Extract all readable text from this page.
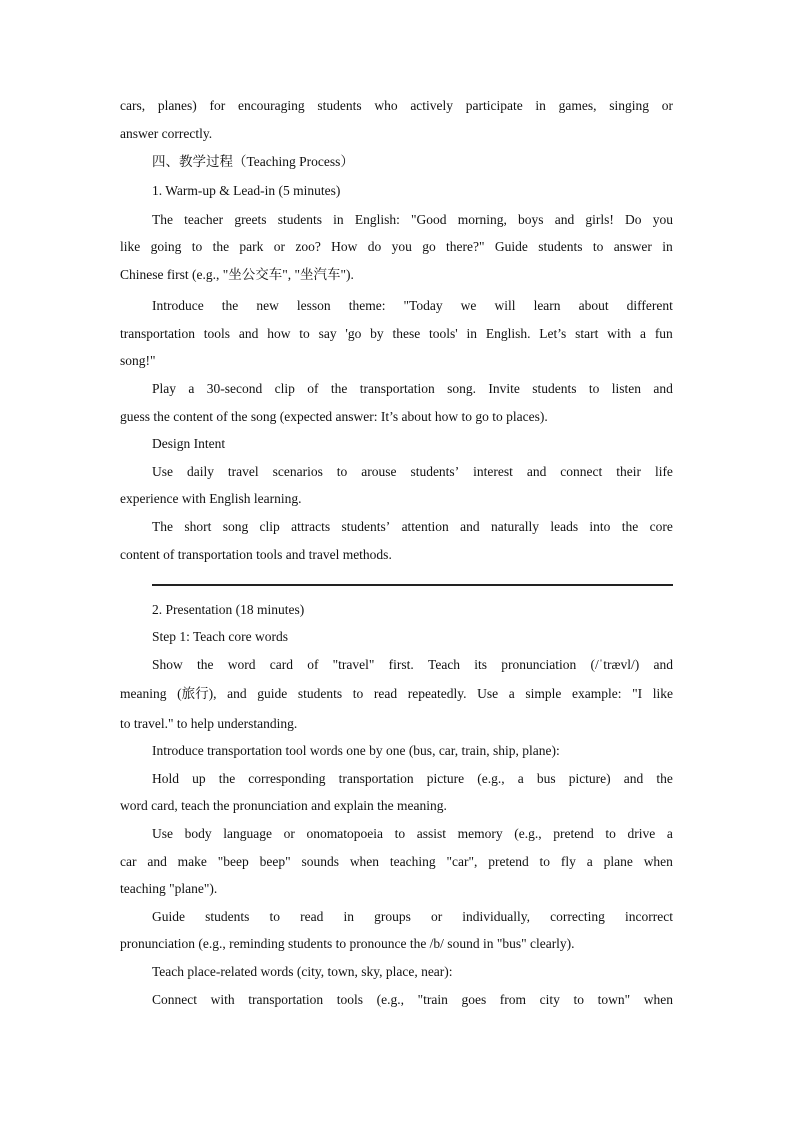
cars, planes) for encouraging students who actively participate in games, singing or
answer correctly.
四、教学过程（Teaching Process）
1. Warm-up & Lead-in (5 minutes)
The teacher greets students in English: "Good morning, boys and girls! Do you
like going to the park or zoo? How do you go there?" Guide students to answer in
Chinese first (e.g., "坐公交车", "坐汽车").
Introduce the new lesson theme: "Today we will learn about different
transportation tools and how to say 'go by these tools' in English. Let’s start with a fun
song!"
Play a 30-second clip of the transportation song. Invite students to listen and
guess the content of the song (expected answer: It’s about how to go to places).
Design Intent
Use daily travel scenarios to arouse students’ interest and connect their life
experience with English learning.
The short song clip attracts students’ attention and naturally leads into the core
content of transportation tools and travel methods.
2. Presentation (18 minutes)
Step 1: Teach core words
Show the word card of "travel" first. Teach its pronunciation (/ˈtrævl/) and
meaning (旅行), and guide students to read repeatedly. Use a simple example: "I like
to travel." to help understanding.
Introduce transportation tool words one by one (bus, car, train, ship, plane):
Hold up the corresponding transportation picture (e.g., a bus picture) and the
word card, teach the pronunciation and explain the meaning.
Use body language or onomatopoeia to assist memory (e.g., pretend to drive a
car and make "beep beep" sounds when teaching "car", pretend to fly a plane when
teaching "plane").
Guide students to read in groups or individually, correcting incorrect
pronunciation (e.g., reminding students to pronounce the /b/ sound in "bus" clearly).
Teach place-related words (city, town, sky, place, near):
Connect with transportation tools (e.g., "train goes from city to town" when
